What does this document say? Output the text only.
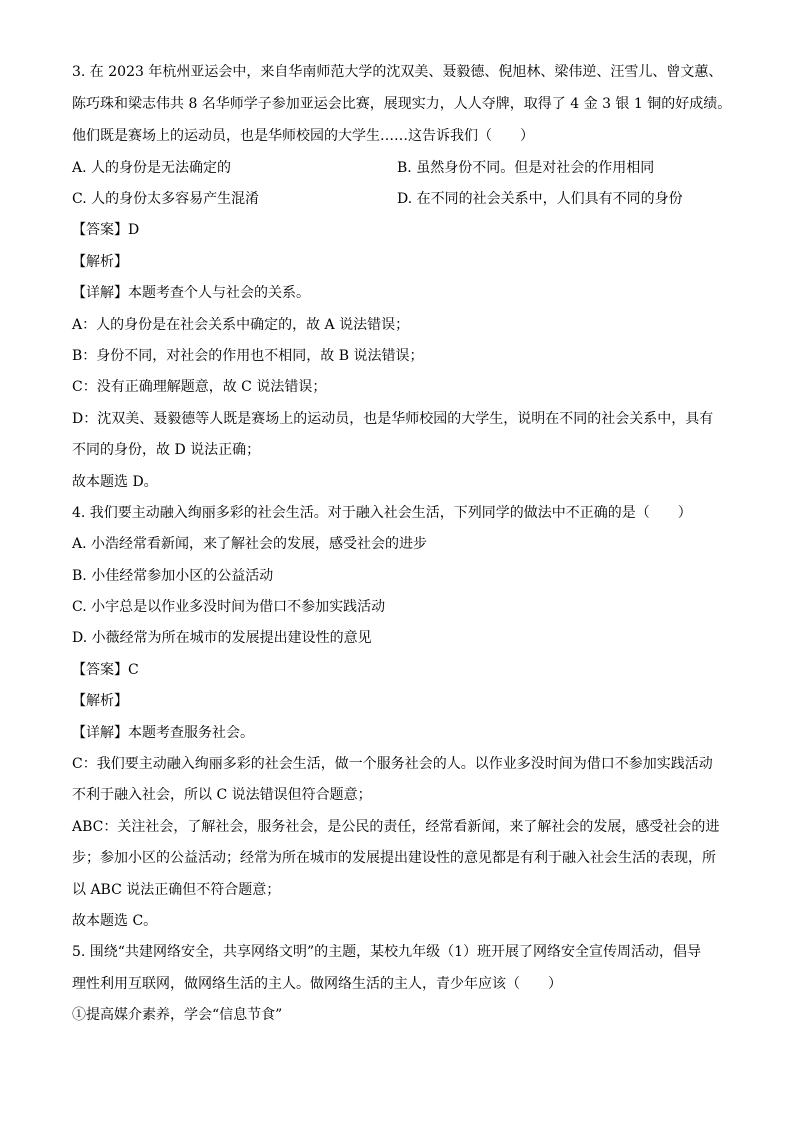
3. 在 2023 年杭州亚运会中，来自华南师范大学的沈双美、聂毅德、倪旭林、梁伟逆、汪雪儿、曾文蕙、
陈巧珠和梁志伟共 8 名华师学子参加亚运会比赛，展现实力，人人夺牌，取得了 4 金 3 银 1 铜的好成绩。
他们既是赛场上的运动员，也是华师校园的大学生……这告诉我们（　　）
A. 人的身份是无法确定的	B. 虽然身份不同。但是对社会的作用相同
C. 人的身份太多容易产生混淆	D. 在不同的社会关系中，人们具有不同的身份
【答案】D
【解析】
【详解】本题考查个人与社会的关系。
A：人的身份是在社会关系中确定的，故 A 说法错误；
B：身份不同，对社会的作用也不相同，故 B 说法错误；
C：没有正确理解题意，故 C 说法错误；
D：沈双美、聂毅德等人既是赛场上的运动员，也是华师校园的大学生，说明在不同的社会关系中，具有
不同的身份，故 D 说法正确；
故本题选 D。
4. 我们要主动融入绚丽多彩的社会生活。对于融入社会生活，下列同学的做法中不正确的是（　　）
A. 小浩经常看新闻，来了解社会的发展，感受社会的进步
B. 小佳经常参加小区的公益活动
C. 小宇总是以作业多没时间为借口不参加实践活动
D. 小薇经常为所在城市的发展提出建设性的意见
【答案】C
【解析】
【详解】本题考查服务社会。
C：我们要主动融入绚丽多彩的社会生活，做一个服务社会的人。以作业多没时间为借口不参加实践活动
不利于融入社会，所以 C 说法错误但符合题意；
ABC：关注社会，了解社会，服务社会，是公民的责任，经常看新闻，来了解社会的发展，感受社会的进
步；参加小区的公益活动；经常为所在城市的发展提出建设性的意见都是有利于融入社会生活的表现，所
以 ABC 说法正确但不符合题意；
故本题选 C。
5. 围绕“共建网络安全，共享网络文明”的主题，某校九年级（1）班开展了网络安全宣传周活动，倡导
理性利用互联网，做网络生活的主人。做网络生活的主人，青少年应该（　　）
①提高媒介素养，学会“信息节食”
